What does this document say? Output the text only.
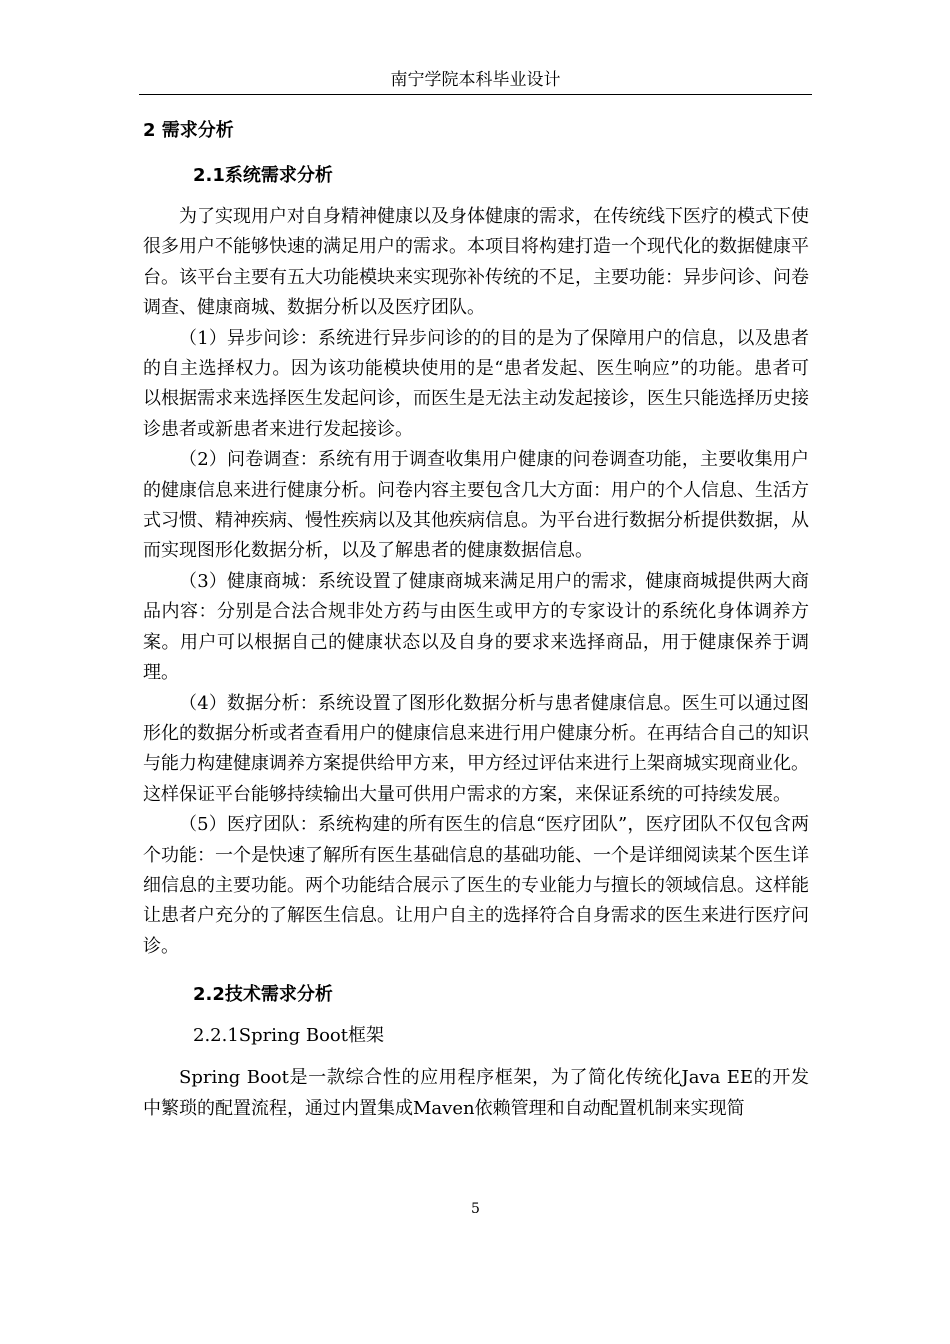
南宁学院本科毕业设计
2 需求分析
2.1系统需求分析

为了实现用户对自身精神健康以及身体健康的需求，在传统线下医疗的模式下使很多用户不能够快速的满足用户的需求。本项目将构建打造一个现代化的数据健康平台。该平台主要有五大功能模块来实现弥补传统的不足，主要功能：异步问诊、问卷调查、健康商城、数据分析以及医疗团队。

（1）异步问诊：系统进行异步问诊的的目的是为了保障用户的信息，以及患者的自主选择权力。因为该功能模块使用的是“患者发起、医生响应”的功能。患者可以根据需求来选择医生发起问诊，而医生是无法主动发起接诊，医生只能选择历史接诊患者或新患者来进行发起接诊。

（2）问卷调查：系统有用于调查收集用户健康的问卷调查功能，主要收集用户的健康信息来进行健康分析。问卷内容主要包含几大方面：用户的个人信息、生活方式习惯、精神疾病、慢性疾病以及其他疾病信息。为平台进行数据分析提供数据，从而实现图形化数据分析，以及了解患者的健康数据信息。

（3）健康商城：系统设置了健康商城来满足用户的需求，健康商城提供两大商品内容：分别是合法合规非处方药与由医生或甲方的专家设计的系统化身体调养方案。用户可以根据自己的健康状态以及自身的要求来选择商品，用于健康保养于调理。

（4）数据分析：系统设置了图形化数据分析与患者健康信息。医生可以通过图形化的数据分析或者查看用户的健康信息来进行用户健康分析。在再结合自己的知识与能力构建健康调养方案提供给甲方来，甲方经过评估来进行上架商城实现商业化。这样保证平台能够持续输出大量可供用户需求的方案，来保证系统的可持续发展。

（5）医疗团队：系统构建的所有医生的信息“医疗团队”，医疗团队不仅包含两个功能：一个是快速了解所有医生基础信息的基础功能、一个是详细阅读某个医生详细信息的主要功能。两个功能结合展示了医生的专业能力与擅长的领域信息。这样能让患者户充分的了解医生信息。让用户自主的选择符合自身需求的医生来进行医疗问诊。

2.2技术需求分析
2.2.1Spring Boot框架

Spring Boot是一款综合性的应用程序框架，为了简化传统化Java EE的开发中繁琐的配置流程，通过内置集成Maven依赖管理和自动配置机制来实现简

5
